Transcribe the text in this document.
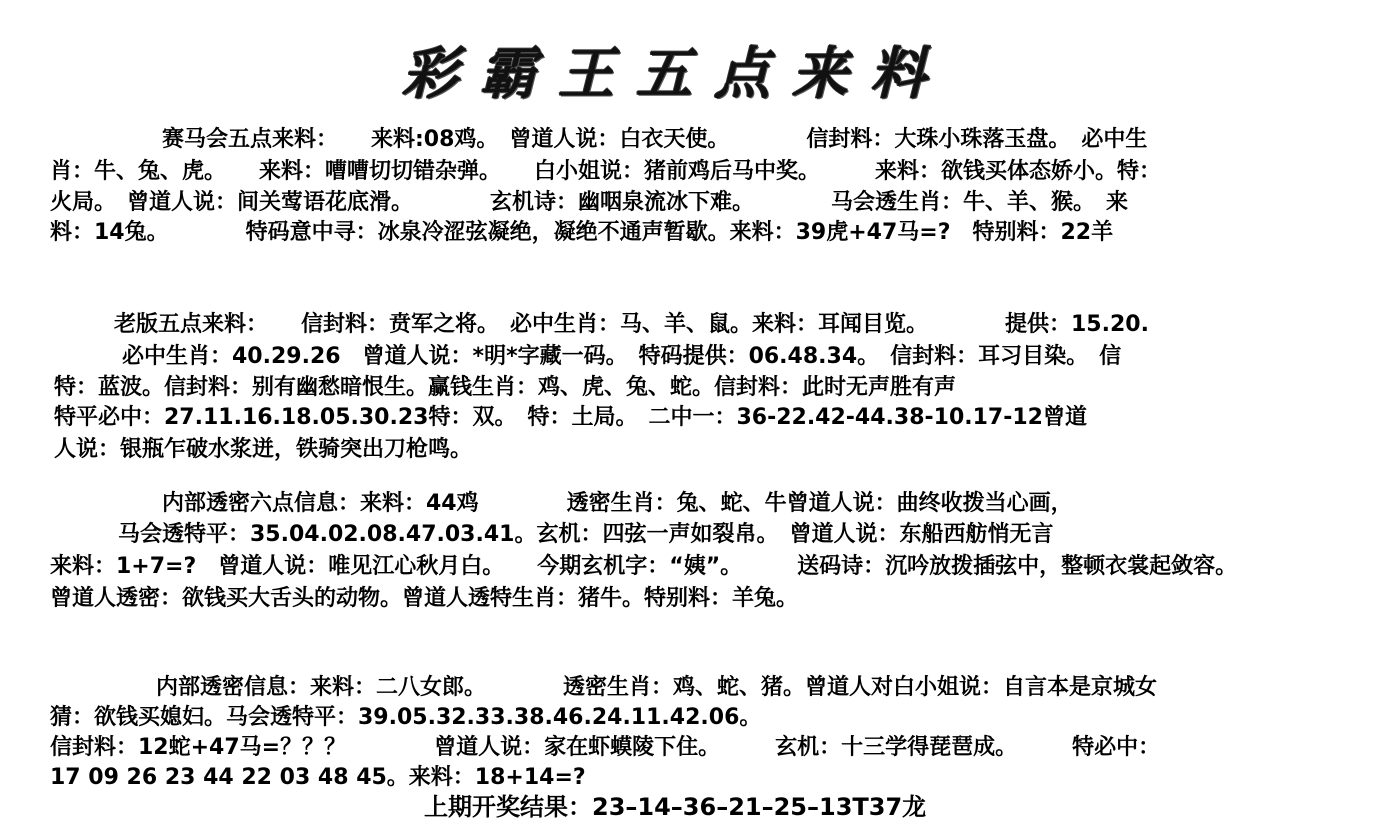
彩霸王五点来料
赛马会五点来料：　　来料:08鸡。　曾道人说：白衣天使。　　　　信封料：大珠小珠落玉盘。　必中生
肖：牛、兔、虎。　　来料：嘈嘈切切错杂弹。　　白小姐说：猪前鸡后马中奖。　　　来料：欲钱买体态娇小。特：
火局。　曾道人说：间关莺语花底滑。　　　　玄机诗：幽咽泉流冰下难。　　　　马会透生肖：牛、羊、猴。　来
料：14兔。　　　　特码意中寻：冰泉冷涩弦凝绝，凝绝不通声暂歇。来料：39虎+47马=?　特别料：22羊
老版五点来料：　　信封料：贲军之将。　必中生肖：马、羊、鼠。来料：耳闻目览。　　　　提供：15.20.
必中生肖：40.29.26　曾道人说：*明*字藏一码。　特码提供：06.48.34。　信封料：耳习目染。　信
特：蓝波。信封料：别有幽愁暗恨生。赢钱生肖：鸡、虎、兔、蛇。信封料：此时无声胜有声
特平必中：27.11.16.18.05.30.23特：双。　特：土局。　二中一：36-22.42-44.38-10.17-12曾道
人说：银瓶乍破水浆迸，铁骑突出刀枪鸣。
内部透密六点信息：来料：44鸡　　　　透密生肖：兔、蛇、牛曾道人说：曲终收拨当心画，
马会透特平：35.04.02.08.47.03.41。玄机：四弦一声如裂帛。　曾道人说：东船西舫悄无言
来料：1+7=?　曾道人说：唯见江心秋月白。　　今期玄机字：“姨”。　　　送码诗：沉吟放拨插弦中，整顿衣裳起敛容。
曾道人透密：欲钱买大舌头的动物。曾道人透特生肖：猪牛。特别料：羊兔。
内部透密信息：来料：二八女郎。　　　　透密生肖：鸡、蛇、猪。曾道人对白小姐说：自言本是京城女
猜：欲钱买媳妇。马会透特平：39.05.32.33.38.46.24.11.42.06。
信封料：12蛇+47马=？？？　　　　曾道人说：家在虾蟆陵下住。　　　玄机：十三学得琵琶成。　　　特必中：
17 09 26 23 44 22 03 48 45。来料：18+14=?
上期开奖结果：23–14–36–21–25–13T37龙
